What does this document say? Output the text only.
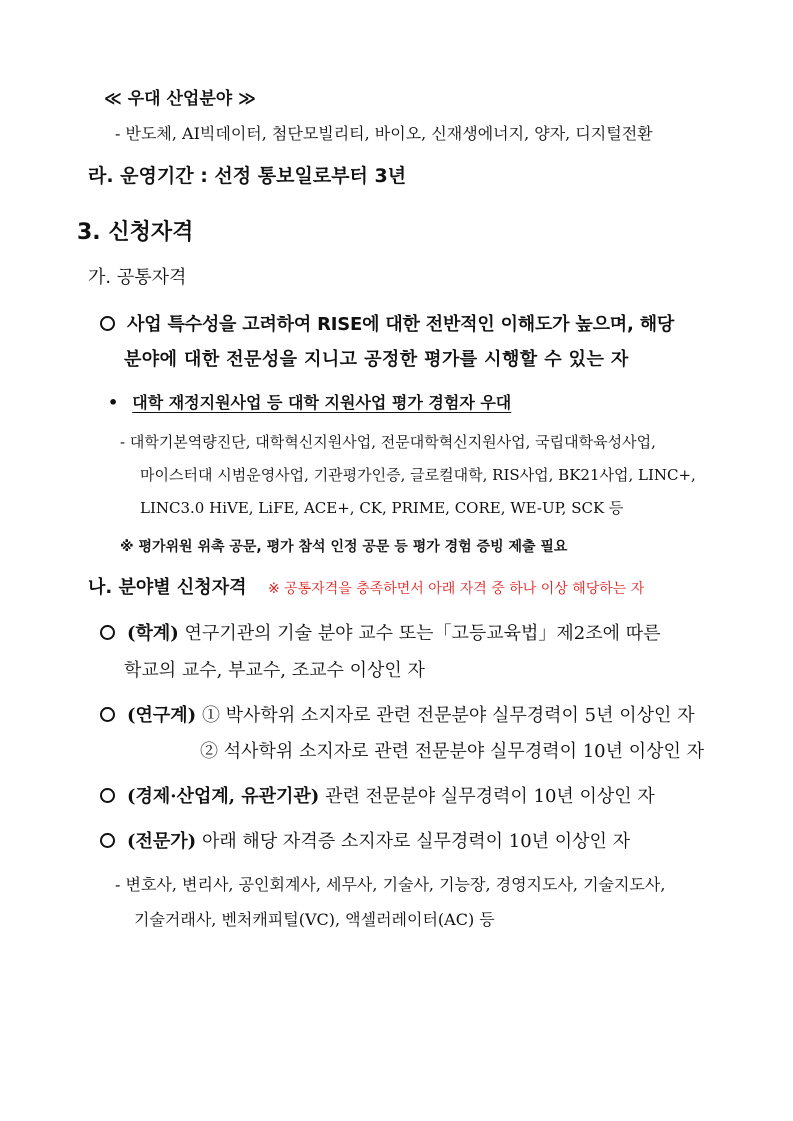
≪ 우대 산업분야 ≫
- 반도체, AI빅데이터, 첨단모빌리티, 바이오, 신재생에너지, 양자, 디지털전환
라. 운영기간 : 선정 통보일로부터 3년
3. 신청자격
가. 공통자격
사업 특수성을 고려하여 RISE에 대한 전반적인 이해도가 높으며, 해당
분야에 대한 전문성을 지니고 공정한 평가를 시행할 수 있는 자
• 대학 재정지원사업 등 대학 지원사업 평가 경험자 우대
- 대학기본역량진단, 대학혁신지원사업, 전문대학혁신지원사업, 국립대학육성사업,
마이스터대 시범운영사업, 기관평가인증, 글로컬대학, RIS사업, BK21사업, LINC+,
LINC3.0 HiVE, LiFE, ACE+, CK, PRIME, CORE, WE-UP, SCK 등
※ 평가위원 위촉 공문, 평가 참석 인정 공문 등 평가 경험 증빙 제출 필요
나. 분야별 신청자격 ※ 공통자격을 충족하면서 아래 자격 중 하나 이상 해당하는 자
(학계) 연구기관의 기술 분야 교수 또는「고등교육법」제2조에 따른
학교의 교수, 부교수, 조교수 이상인 자
(연구계) ① 박사학위 소지자로 관련 전문분야 실무경력이 5년 이상인 자
② 석사학위 소지자로 관련 전문분야 실무경력이 10년 이상인 자
(경제·산업계, 유관기관) 관련 전문분야 실무경력이 10년 이상인 자
(전문가) 아래 해당 자격증 소지자로 실무경력이 10년 이상인 자
- 변호사, 변리사, 공인회계사, 세무사, 기술사, 기능장, 경영지도사, 기술지도사,
기술거래사, 벤처캐피털(VC), 액셀러레이터(AC) 등
